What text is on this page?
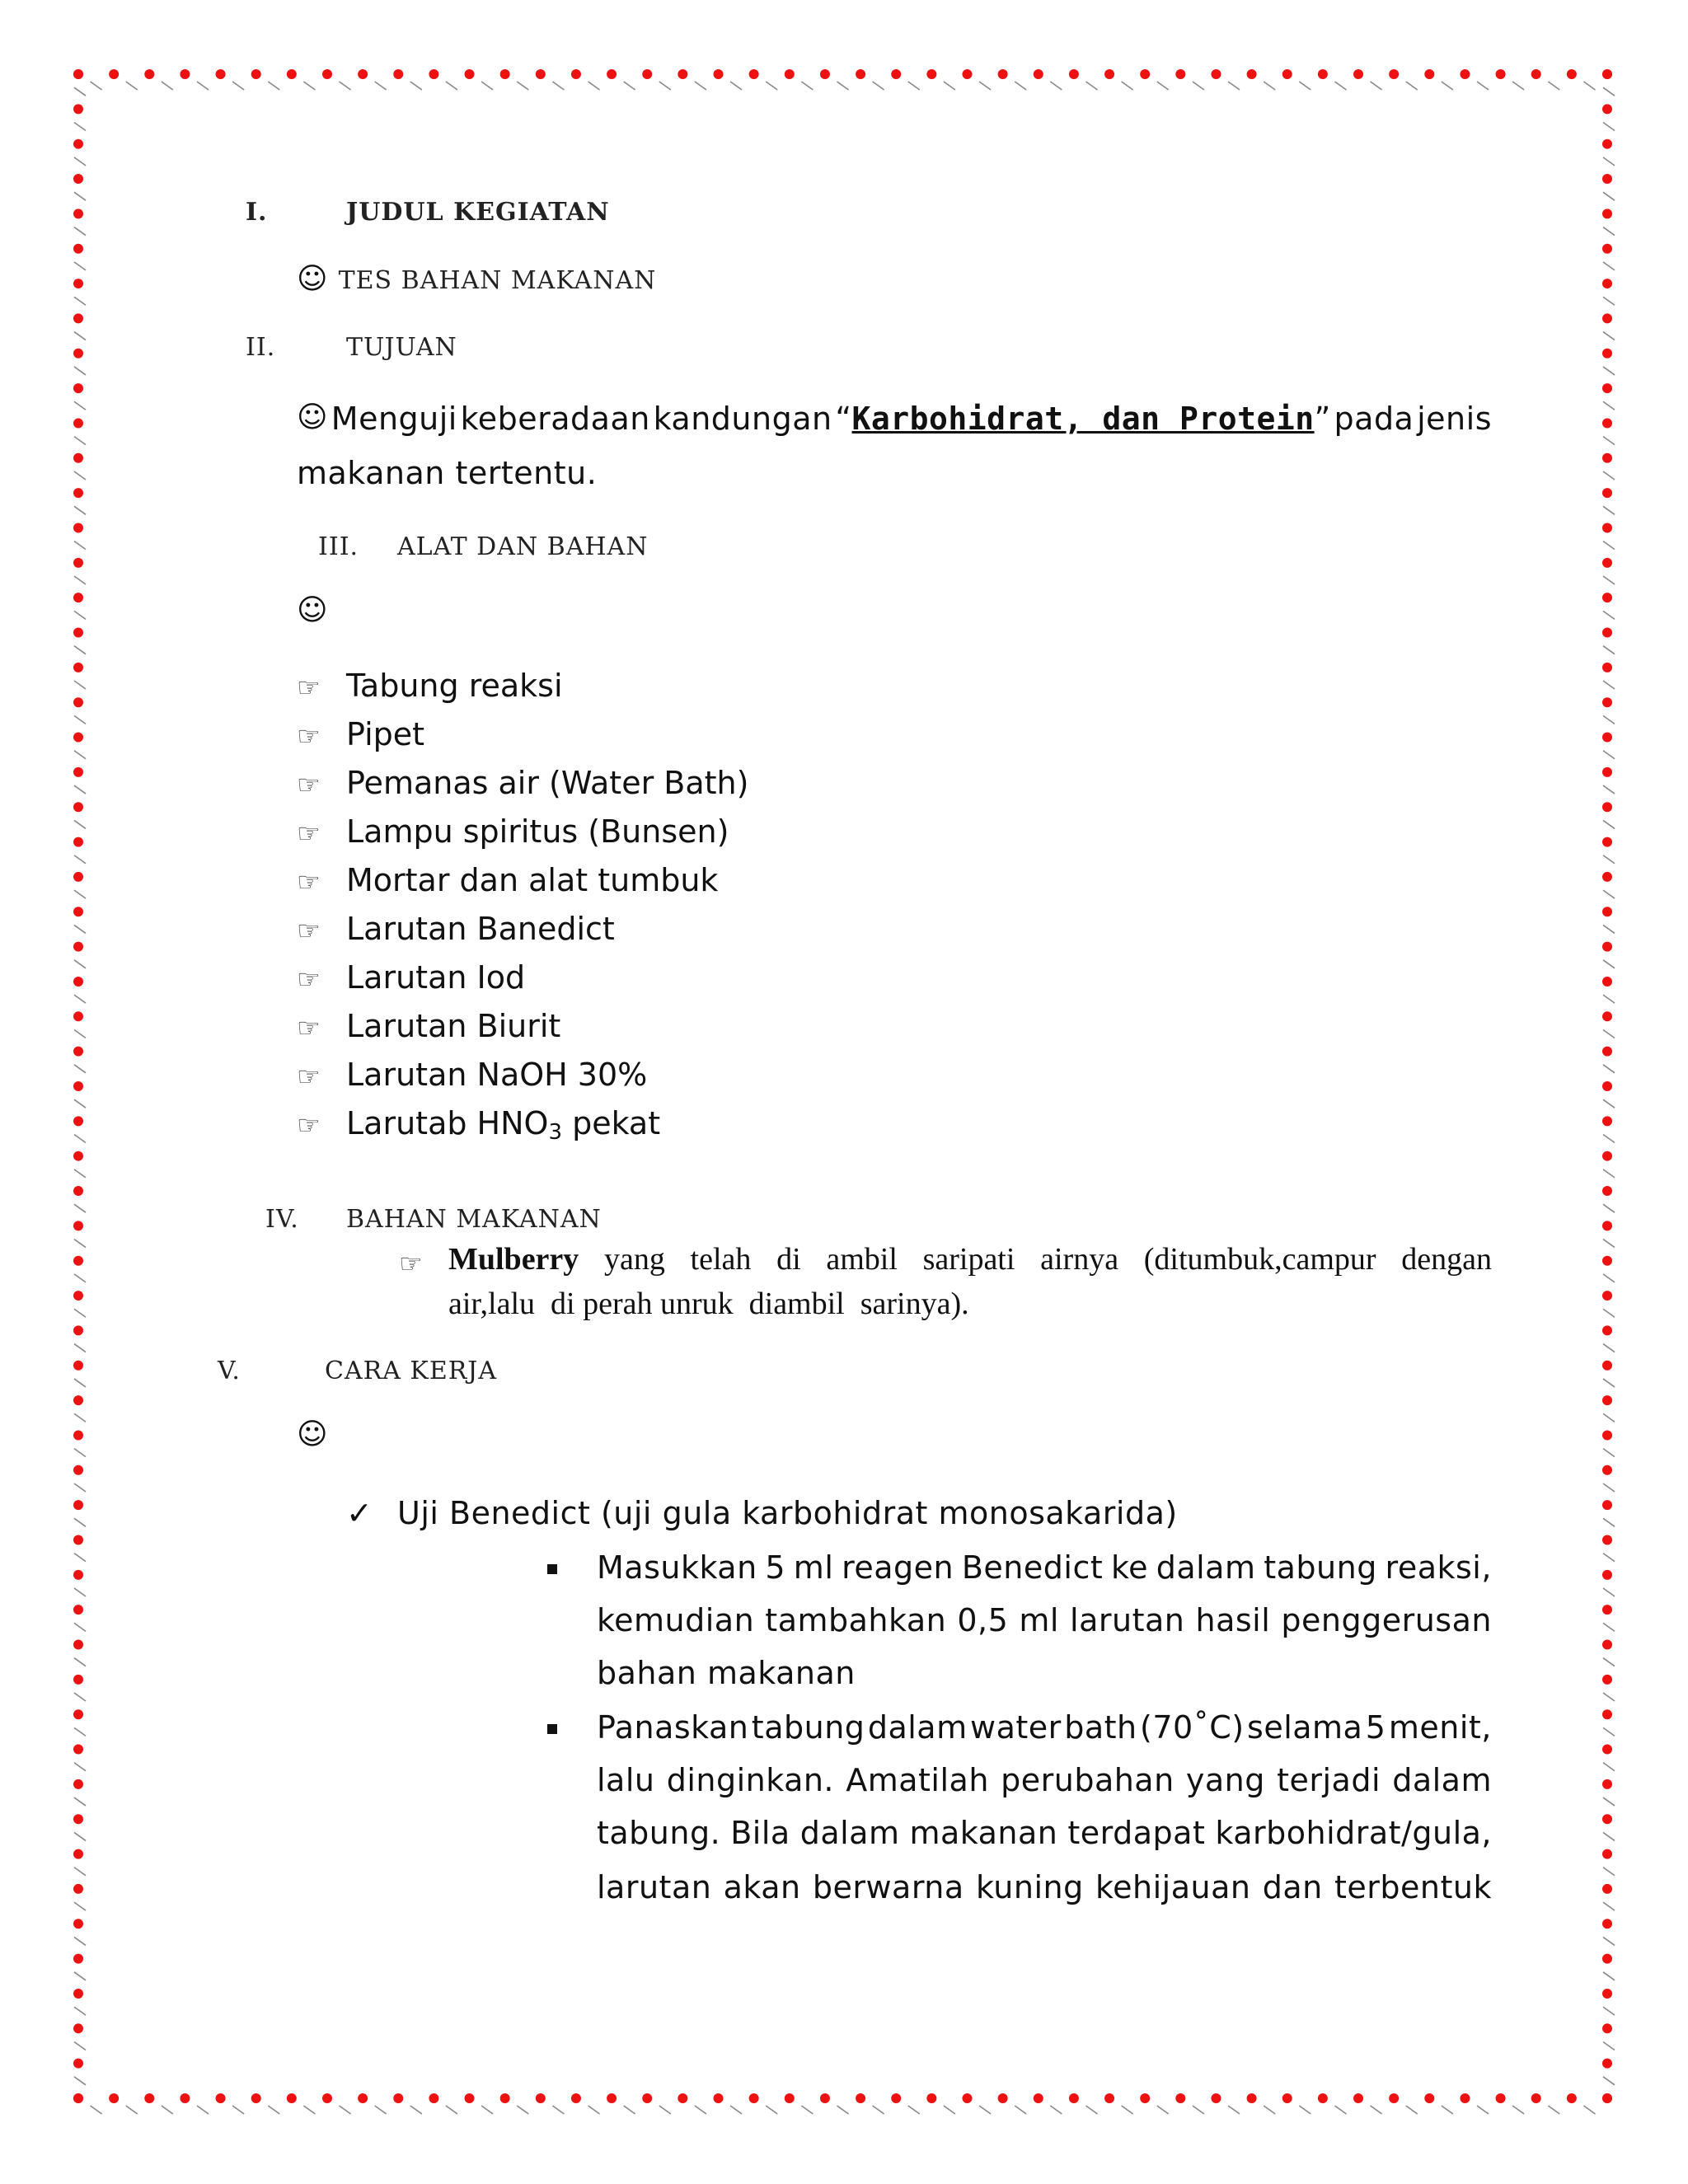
I.	JUDUL KEGIATAN
☺ TES BAHAN MAKANAN
II.	TUJUAN
☺ Menguji keberadaan kandungan “Karbohidrat, dan Protein” pada jenis
makanan tertentu.
III. ALAT DAN BAHAN
☺
☞ Tabung reaksi
☞ Pipet
☞ Pemanas air (Water Bath)
☞ Lampu spiritus (Bunsen)
☞ Mortar dan alat tumbuk
☞ Larutan Banedict
☞ Larutan Iod
☞ Larutan Biurit
☞ Larutan NaOH 30%
☞ Larutab HNO3 pekat
IV. BAHAN MAKANAN
☞ Mulberry yang telah di ambil saripati airnya (ditumbuk,campur dengan
air,lalu  di perah unruk  diambil  sarinya).
V.	CARA KERJA
☺
✓ Uji Benedict (uji gula karbohidrat monosakarida)
Masukkan 5 ml reagen Benedict ke dalam tabung reaksi,
kemudian tambahkan 0,5 ml larutan hasil penggerusan
bahan makanan
Panaskan tabung dalam water bath (70˚C) selama 5 menit,
lalu dinginkan. Amatilah perubahan yang terjadi dalam
tabung. Bila dalam makanan terdapat karbohidrat/gula,
larutan akan berwarna kuning kehijauan dan terbentuk
